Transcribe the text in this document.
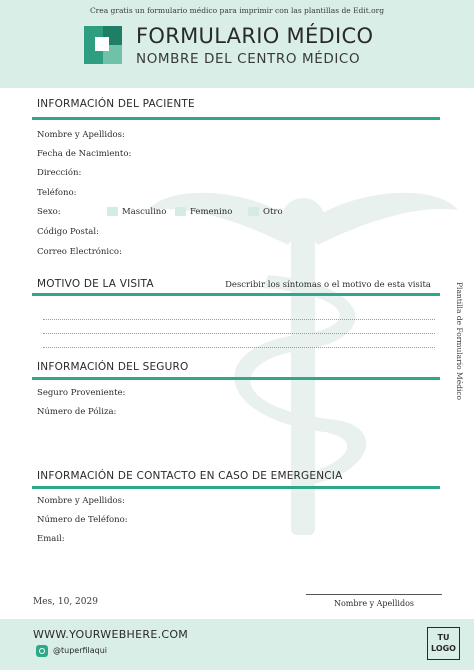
Crea gratis un formulario médico para imprimir con las plantillas de Edit.org
FORMULARIO MÉDICO
NOMBRE DEL CENTRO MÉDICO
Plantilla de Formulario Médico
INFORMACIÓN DEL PACIENTE
Nombre y Apellidos:
Fecha de Nacimiento:
Dirección:
Teléfono:
Sexo:	Masculino	Femenino	Otro
Código Postal:
Correo Electrónico:
MOTIVO DE LA VISITA	Describir los síntomas o el motivo de esta visita
INFORMACIÓN DEL SEGURO
Seguro Proveniente:
Número de Póliza:
INFORMACIÓN DE CONTACTO EN CASO DE EMERGENCIA
Nombre y Apellidos:
Número de Teléfono:
Email:
Mes, 10, 2029	Nombre y Apellidos
WWW.YOURWEBHERE.COM
@tuperfilaqui
TU
LOGO
